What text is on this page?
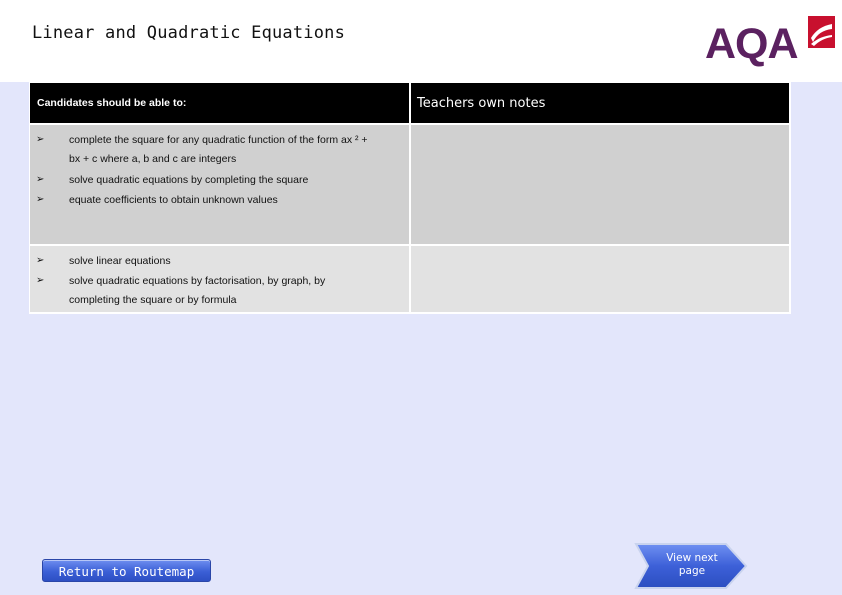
Linear and Quadratic Equations	AQA
Candidates should be able to:	Teachers own notes
➢	complete the square for any quadratic function of the form ax ² +
bx + c where a, b and c are integers
➢	solve quadratic equations by completing the square
➢	equate coefficients to obtain unknown values
➢	solve linear equations
➢	solve quadratic equations by factorisation, by graph, by
completing the square or by formula
Return to Routemap
View next
page
